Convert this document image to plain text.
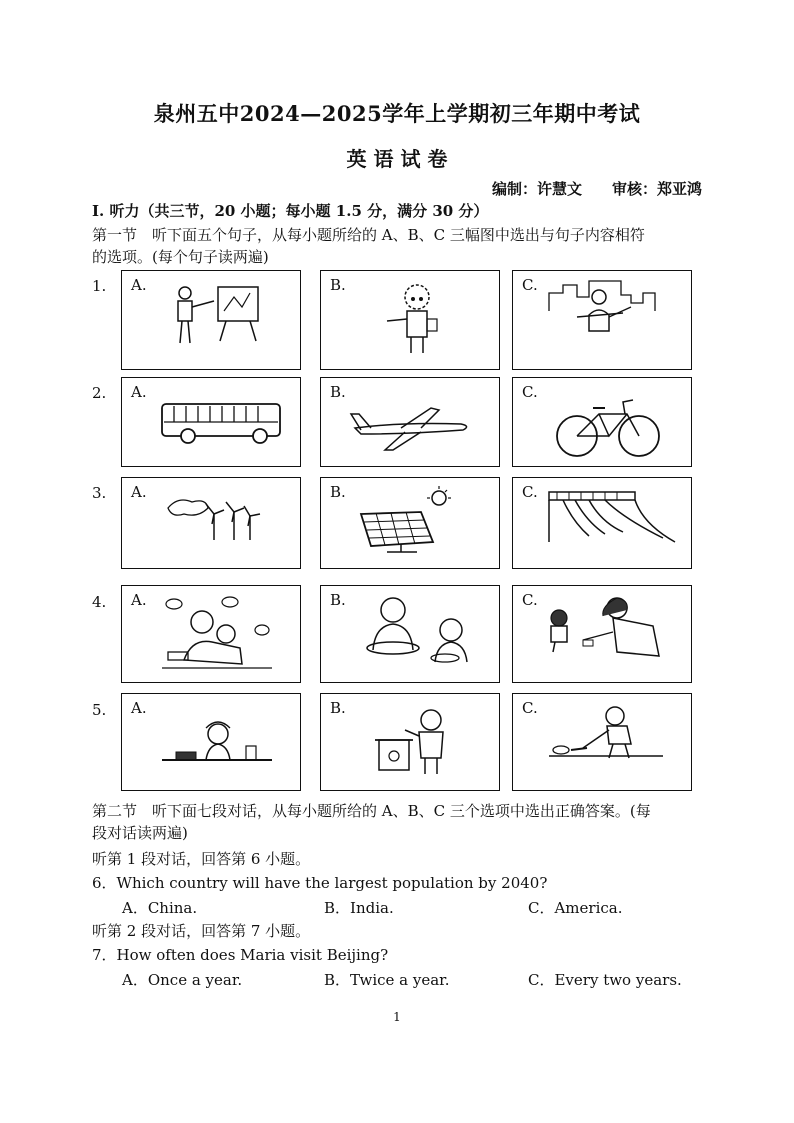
泉州五中2024—2025学年上学期初三年期中考试
英 语 试 卷
编制：许慧文 审核：郑亚鸿
Ⅰ. 听力（共三节，20 小题；每小题 1.5 分，满分 30 分）
第一节　听下面五个句子，从每小题所给的 A、B、C 三幅图中选出与句子内容相符
的选项。(每个句子读两遍)
1. A.	B.	C.
2. A.	B.	C.
3. A.	B.	C.
4. A.	B.	C.
5. A.	B.	C.
第二节　听下面七段对话，从每小题所给的 A、B、C 三个选项中选出正确答案。(每
段对话读两遍)
听第 1 段对话，回答第 6 小题。
6．Which country will have the largest population by 2040?
A．China.	B．India.	C．America.
听第 2 段对话，回答第 7 小题。
7．How often does Maria visit Beijing?
A．Once a year.	B．Twice a year.	C．Every two years.
1
